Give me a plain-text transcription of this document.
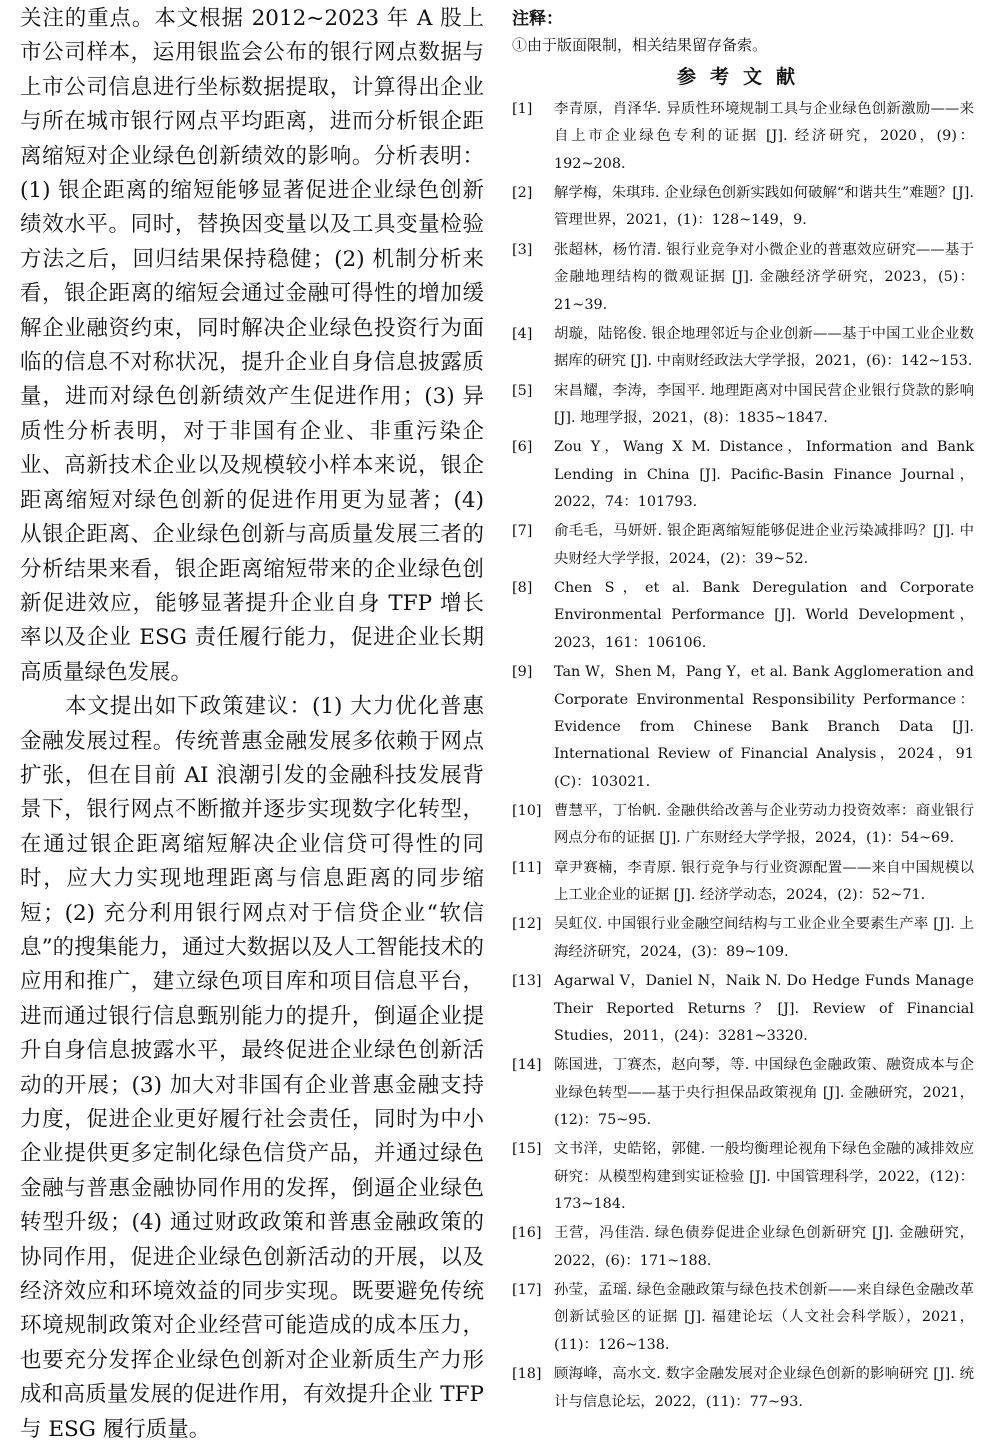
关注的重点。本文根据 2012~2023 年 A 股上市公司样本，运用银监会公布的银行网点数据与上市公司信息进行坐标数据提取，计算得出企业与所在城市银行网点平均距离，进而分析银企距离缩短对企业绿色创新绩效的影响。分析表明：(1) 银企距离的缩短能够显著促进企业绿色创新绩效水平。同时，替换因变量以及工具变量检验方法之后，回归结果保持稳健；(2) 机制分析来看，银企距离的缩短会通过金融可得性的增加缓解企业融资约束，同时解决企业绿色投资行为面临的信息不对称状况，提升企业自身信息披露质量，进而对绿色创新绩效产生促进作用；(3) 异质性分析表明，对于非国有企业、非重污染企业、高新技术企业以及规模较小样本来说，银企距离缩短对绿色创新的促进作用更为显著；(4) 从银企距离、企业绿色创新与高质量发展三者的分析结果来看，银企距离缩短带来的企业绿色创新促进效应，能够显著提升企业自身 TFP 增长率以及企业 ESG 责任履行能力，促进企业长期高质量绿色发展。

本文提出如下政策建议：(1) 大力优化普惠金融发展过程。传统普惠金融发展多依赖于网点扩张，但在目前 AI 浪潮引发的金融科技发展背景下，银行网点不断撤并逐步实现数字化转型，在通过银企距离缩短解决企业信贷可得性的同时，应大力实现地理距离与信息距离的同步缩短；(2) 充分利用银行网点对于信贷企业“软信息”的搜集能力，通过大数据以及人工智能技术的应用和推广，建立绿色项目库和项目信息平台，进而通过银行信息甄别能力的提升，倒逼企业提升自身信息披露水平，最终促进企业绿色创新活动的开展；(3) 加大对非国有企业普惠金融支持力度，促进企业更好履行社会责任，同时为中小企业提供更多定制化绿色信贷产品，并通过绿色金融与普惠金融协同作用的发挥，倒逼企业绿色转型升级；(4) 通过财政政策和普惠金融政策的协同作用，促进企业绿色创新活动的开展，以及经济效应和环境效益的同步实现。既要避免传统环境规制政策对企业经营可能造成的成本压力，也要充分发挥企业绿色创新对企业新质生产力形成和高质量发展的促进作用，有效提升企业 TFP 与 ESG 履行质量。

注释：
①由于版面限制，相关结果留存备索。
参考文献
[1] 李青原，肖泽华. 异质性环境规制工具与企业绿色创新激励——来自上市企业绿色专利的证据 [J]. 经济研究，2020，(9)：192~208.
[2] 解学梅，朱琪玮. 企业绿色创新实践如何破解“和谐共生”难题？[J]. 管理世界，2021，(1)：128~149，9.
[3] 张超林，杨竹清. 银行业竞争对小微企业的普惠效应研究——基于金融地理结构的微观证据 [J]. 金融经济学研究，2023，(5)：21~39.
[4] 胡璇，陆铭俊. 银企地理邻近与企业创新——基于中国工业企业数据库的研究 [J]. 中南财经政法大学学报，2021，(6)：142~153.
[5] 宋昌耀，李涛，李国平. 地理距离对中国民营企业银行贷款的影响 [J]. 地理学报，2021，(8)：1835~1847.
[6] Zou Y，Wang X M. Distance，Information and Bank Lending in China [J]. Pacific-Basin Finance Journal，2022，74：101793.
[7] 俞毛毛，马妍妍. 银企距离缩短能够促进企业污染减排吗？[J]. 中央财经大学学报，2024，(2)：39~52.
[8] Chen S，et al. Bank Deregulation and Corporate Environmental Performance [J]. World Development，2023，161：106106.
[9] Tan W，Shen M，Pang Y，et al. Bank Agglomeration and Corporate Environmental Responsibility Performance：Evidence from Chinese Bank Branch Data [J]. International Review of Financial Analysis，2024，91 (C)：103021.
[10] 曹慧平，丁怡帆. 金融供给改善与企业劳动力投资效率：商业银行网点分布的证据 [J]. 广东财经大学学报，2024，(1)：54~69.
[11] 章尹赛楠，李青原. 银行竞争与行业资源配置——来自中国规模以上工业企业的证据 [J]. 经济学动态，2024，(2)：52~71.
[12] 吴虹仪. 中国银行业金融空间结构与工业企业全要素生产率 [J]. 上海经济研究，2024，(3)：89~109.
[13] Agarwal V，Daniel N，Naik N. Do Hedge Funds Manage Their Reported Returns？[J]. Review of Financial Studies，2011，(24)：3281~3320.
[14] 陈国进，丁赛杰，赵向琴，等. 中国绿色金融政策、融资成本与企业绿色转型——基于央行担保品政策视角 [J]. 金融研究，2021，(12)：75~95.
[15] 文书洋，史皓铭，郭健. 一般均衡理论视角下绿色金融的减排效应研究：从模型构建到实证检验 [J]. 中国管理科学，2022，(12)：173~184.
[16] 王营，冯佳浩. 绿色债券促进企业绿色创新研究 [J]. 金融研究，2022，(6)：171~188.
[17] 孙莹，孟瑶. 绿色金融政策与绿色技术创新——来自绿色金融改革创新试验区的证据 [J]. 福建论坛（人文社会科学版），2021，(11)：126~138.
[18] 顾海峰，高水文. 数字金融发展对企业绿色创新的影响研究 [J]. 统计与信息论坛，2022，(11)：77~93.
